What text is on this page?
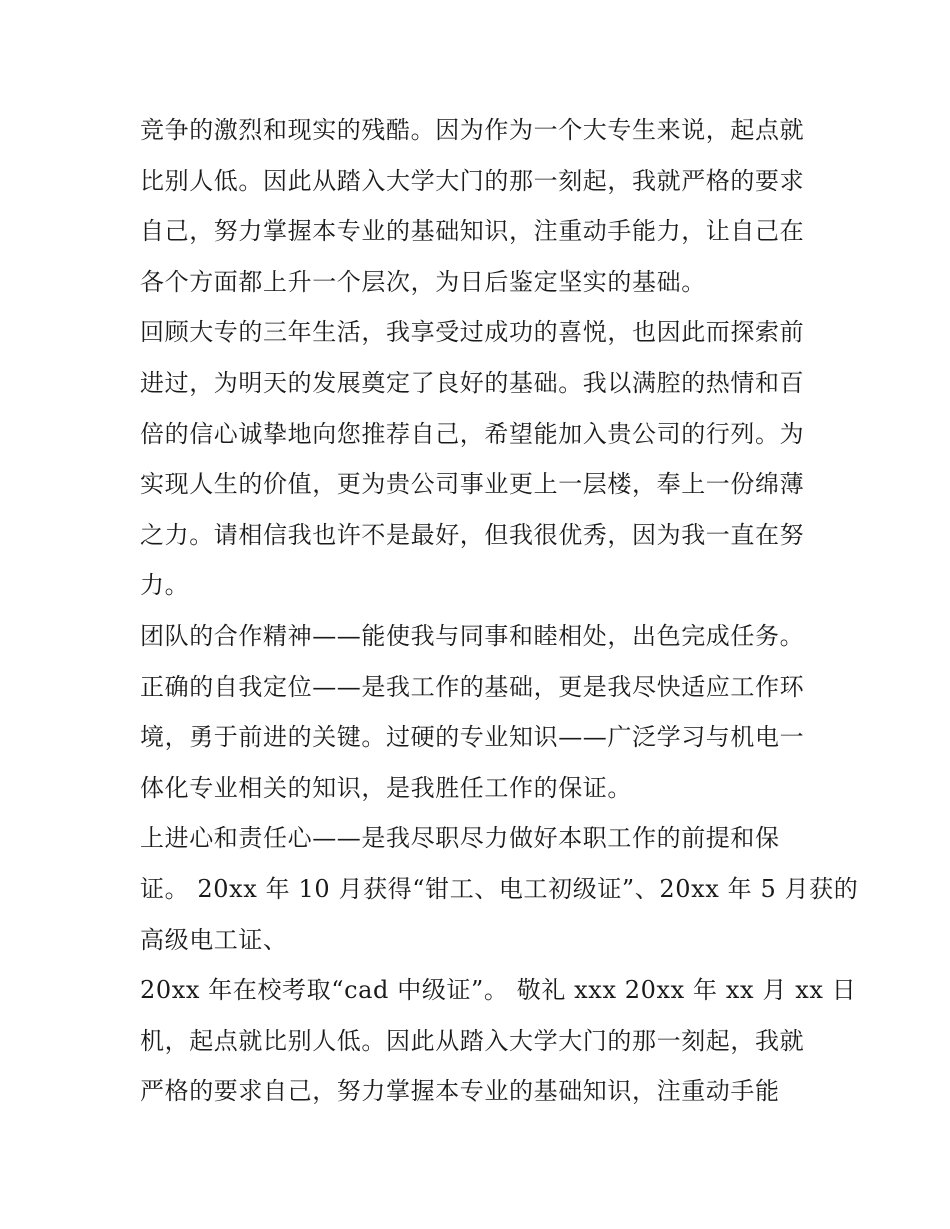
竞争的激烈和现实的残酷。因为作为一个大专生来说，起点就
比别人低。因此从踏入大学大门的那一刻起，我就严格的要求
自己，努力掌握本专业的基础知识，注重动手能力，让自己在
各个方面都上升一个层次，为日后鉴定坚实的基础。
回顾大专的三年生活，我享受过成功的喜悦，也因此而探索前
进过，为明天的发展奠定了良好的基础。我以满腔的热情和百
倍的信心诚挚地向您推荐自己，希望能加入贵公司的行列。为
实现人生的价值，更为贵公司事业更上一层楼，奉上一份绵薄
之力。请相信我也许不是最好，但我很优秀，因为我一直在努
力。
团队的合作精神——能使我与同事和睦相处，出色完成任务。
正确的自我定位——是我工作的基础，更是我尽快适应工作环
境，勇于前进的关键。过硬的专业知识——广泛学习与机电一
体化专业相关的知识，是我胜任工作的保证。
上进心和责任心——是我尽职尽力做好本职工作的前提和保
证。 20xx 年 10 月获得“钳工、电工初级证”、20xx 年 5 月获的
高级电工证、
20xx 年在校考取“cad 中级证”。 敬礼 xxx 20xx 年 xx 月 xx 日
机，起点就比别人低。因此从踏入大学大门的那一刻起，我就
严格的要求自己，努力掌握本专业的基础知识，注重动手能
